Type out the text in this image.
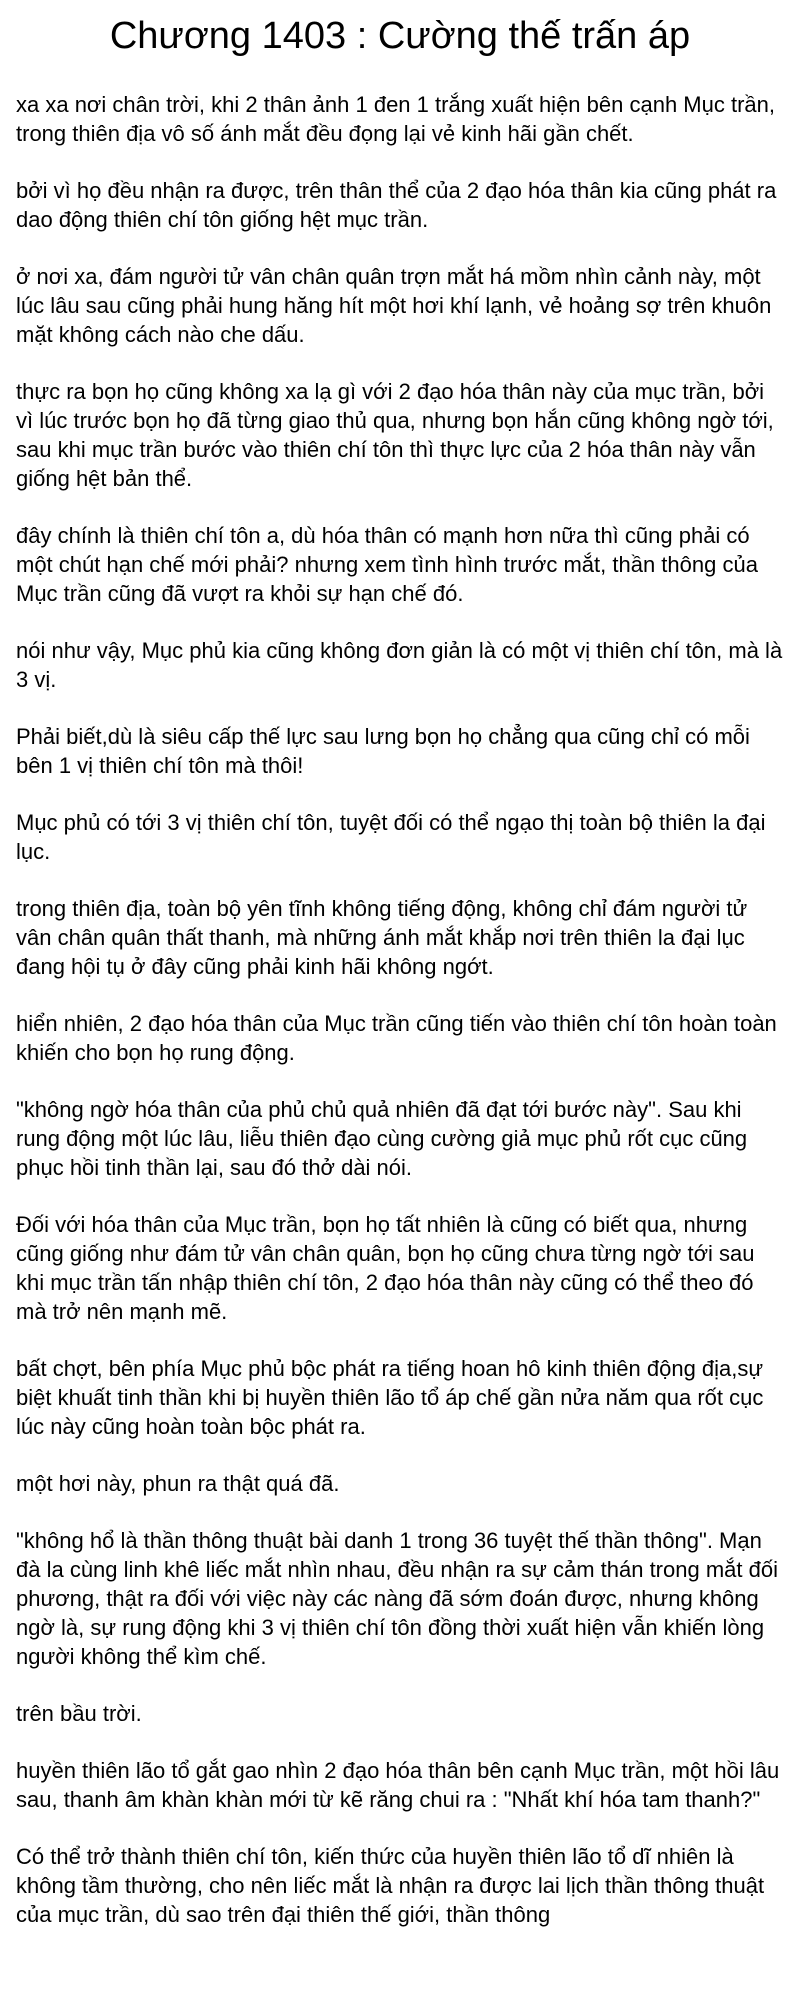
Chương 1403 : Cường thế trấn áp

xa xa nơi chân trời, khi 2 thân ảnh 1 đen 1 trắng xuất hiện bên cạnh Mục trần, trong thiên địa vô số ánh mắt đều đọng lại vẻ kinh hãi gần chết.

bởi vì họ đều nhận ra được, trên thân thể của 2 đạo hóa thân kia cũng phát ra dao động thiên chí tôn giống hệt mục trần.

ở nơi xa, đám người tử vân chân quân trợn mắt há mồm nhìn cảnh này, một lúc lâu sau cũng phải hung hăng hít một hơi khí lạnh, vẻ hoảng sợ trên khuôn mặt không cách nào che dấu.

thực ra bọn họ cũng không xa lạ gì với 2 đạo hóa thân này của mục trần, bởi vì lúc trước bọn họ đã từng giao thủ qua, nhưng bọn hắn cũng không ngờ tới, sau khi mục trần bước vào thiên chí tôn thì thực lực của 2 hóa thân này vẫn giống hệt bản thể.

đây chính là thiên chí tôn a, dù hóa thân có mạnh hơn nữa thì cũng phải có một chút hạn chế mới phải? nhưng xem tình hình trước mắt, thần thông của Mục trần cũng đã vượt ra khỏi sự hạn chế đó.

nói như vậy, Mục phủ kia cũng không đơn giản là có một vị thiên chí tôn, mà là 3 vị.

Phải biết,dù là siêu cấp thế lực sau lưng bọn họ chẳng qua cũng chỉ có mỗi bên 1 vị thiên chí tôn mà thôi!

Mục phủ có tới 3 vị thiên chí tôn, tuyệt đối có thể ngạo thị toàn bộ thiên la đại lục.

trong thiên địa, toàn bộ yên tĩnh không tiếng động, không chỉ đám người tử vân chân quân thất thanh, mà những ánh mắt khắp nơi trên thiên la đại lục đang hội tụ ở đây cũng phải kinh hãi không ngớt.

hiển nhiên, 2 đạo hóa thân của Mục trần cũng tiến vào thiên chí tôn hoàn toàn khiến cho bọn họ rung động.

"không ngờ hóa thân của phủ chủ quả nhiên đã đạt tới bước này". Sau khi rung động một lúc lâu, liễu thiên đạo cùng cường giả mục phủ rốt cục cũng phục hồi tinh thần lại, sau đó thở dài nói.

Đối với hóa thân của Mục trần, bọn họ tất nhiên là cũng có biết qua, nhưng cũng giống như đám tử vân chân quân, bọn họ cũng chưa từng ngờ tới sau khi mục trần tấn nhập thiên chí tôn, 2 đạo hóa thân này cũng có thể theo đó mà trở nên mạnh mẽ.

bất chợt, bên phía Mục phủ bộc phát ra tiếng hoan hô kinh thiên động địa,sự biệt khuất tinh thần khi bị huyền thiên lão tổ áp chế gần nửa năm qua rốt cục lúc này cũng hoàn toàn bộc phát ra.

một hơi này, phun ra thật quá đã.

"không hổ là thần thông thuật bài danh 1 trong 36 tuyệt thế thần thông". Mạn đà la cùng linh khê liếc mắt nhìn nhau, đều nhận ra sự cảm thán trong mắt đối phương, thật ra đối với việc này các nàng đã sớm đoán được, nhưng không ngờ là, sự rung động khi 3 vị thiên chí tôn đồng thời xuất hiện vẫn khiến lòng người không thể kìm chế.

trên bầu trời.

huyền thiên lão tổ gắt gao nhìn 2 đạo hóa thân bên cạnh Mục trần, một hồi lâu sau, thanh âm khàn khàn mới từ kẽ răng chui ra : "Nhất khí hóa tam thanh?"

Có thể trở thành thiên chí tôn, kiến thức của huyền thiên lão tổ dĩ nhiên là không tầm thường, cho nên liếc mắt là nhận ra được lai lịch thần thông thuật của mục trần, dù sao trên đại thiên thế giới, thần thông
